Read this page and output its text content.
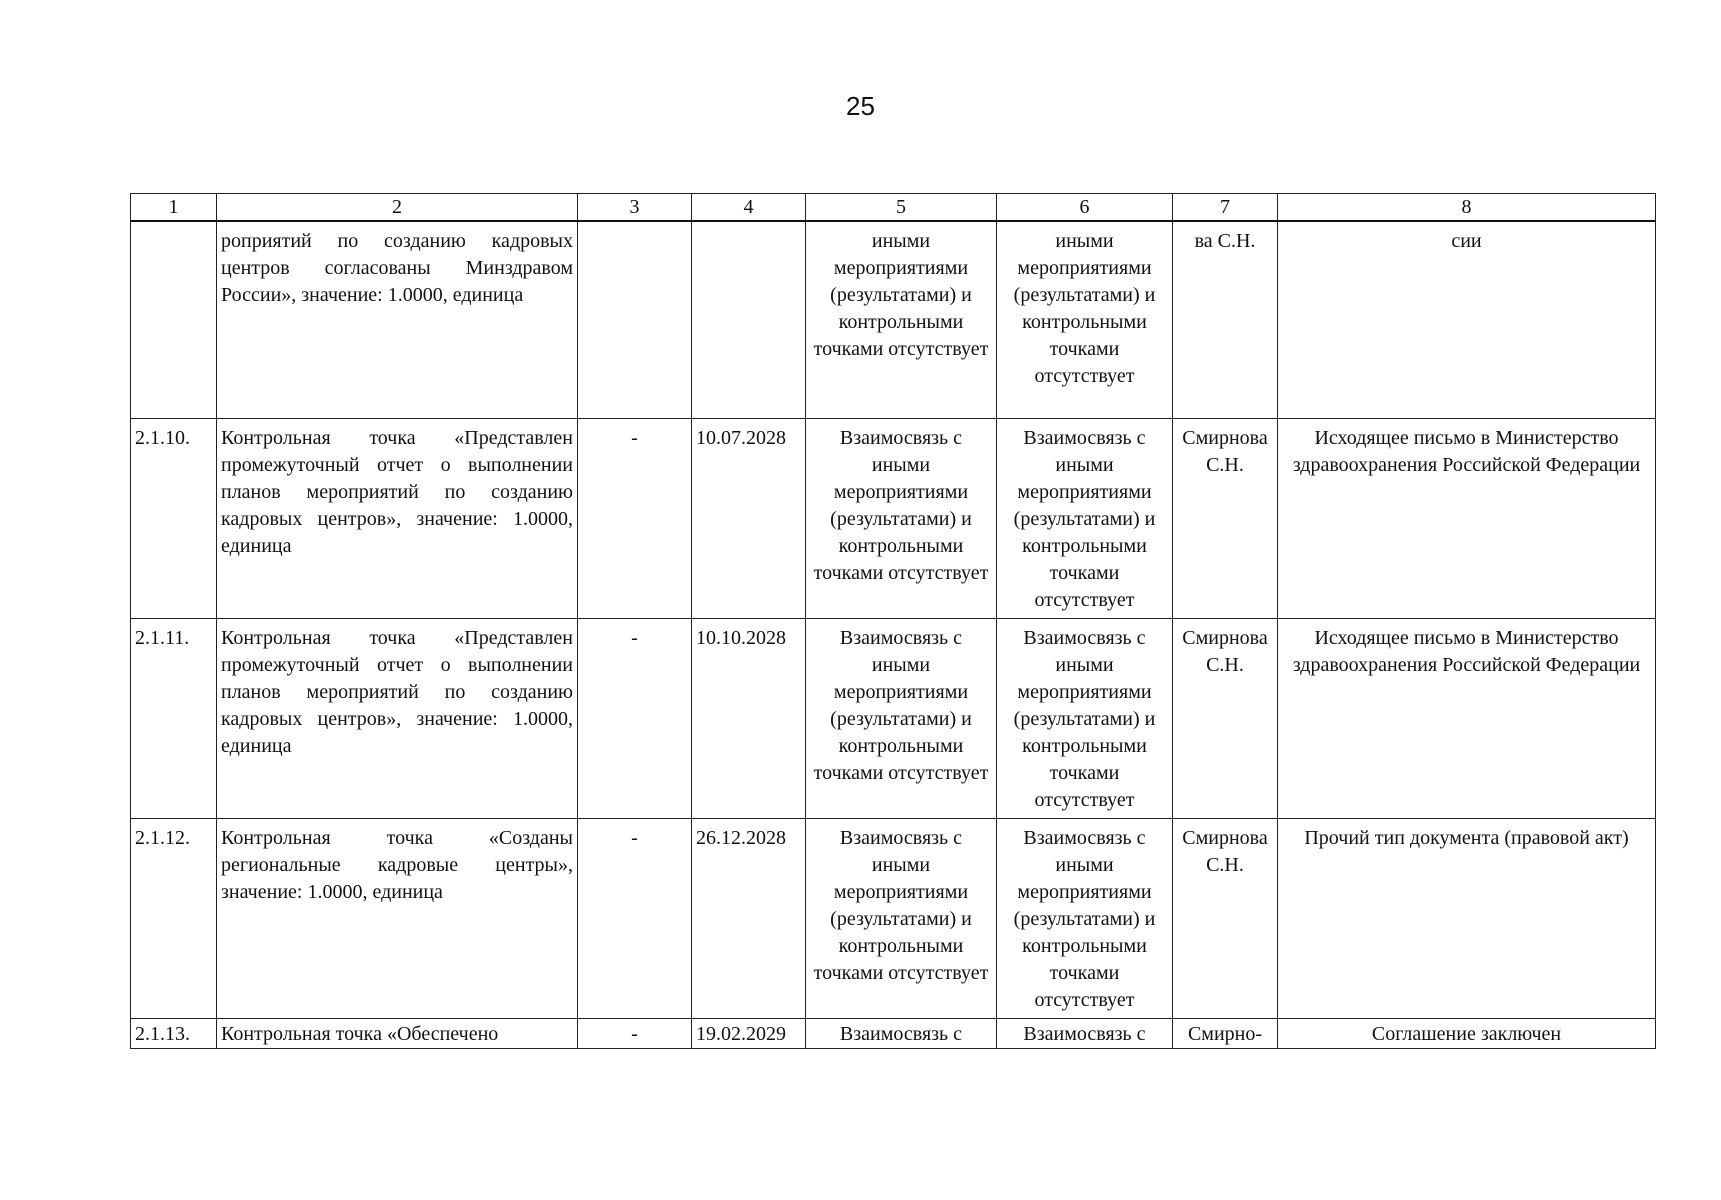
25
1	2	3	4	5	6	7	8
	роприятий по созданию кадровых центров согласованы Минздравом России», значение: 1.0000, единица			иными мероприятиями (результатами) и контрольными точками отсутствует	иными мероприятиями (результатами) и контрольными точками отсутствует	ва С.Н.	сии
2.1.10.	Контрольная точка «Представлен промежуточный отчет о выполнении планов мероприятий по созданию кадровых центров», значение: 1.0000, единица	-	10.07.2028	Взаимосвязь с иными мероприятиями (результатами) и контрольными точками отсутствует	Взаимосвязь с иными мероприятиями (результатами) и контрольными точками отсутствует	Смирнова С.Н.	Исходящее письмо в Министерство здравоохранения Российской Федерации
2.1.11.	Контрольная точка «Представлен промежуточный отчет о выполнении планов мероприятий по созданию кадровых центров», значение: 1.0000, единица	-	10.10.2028	Взаимосвязь с иными мероприятиями (результатами) и контрольными точками отсутствует	Взаимосвязь с иными мероприятиями (результатами) и контрольными точками отсутствует	Смирнова С.Н.	Исходящее письмо в Министерство здравоохранения Российской Федерации
2.1.12.	Контрольная точка «Созданы региональные кадровые центры», значение: 1.0000, единица	-	26.12.2028	Взаимосвязь с иными мероприятиями (результатами) и контрольными точками отсутствует	Взаимосвязь с иными мероприятиями (результатами) и контрольными точками отсутствует	Смирнова С.Н.	Прочий тип документа (правовой акт)
2.1.13.	Контрольная точка «Обеспечено	-	19.02.2029	Взаимосвязь с	Взаимосвязь с	Смирно-	Соглашение заключен
